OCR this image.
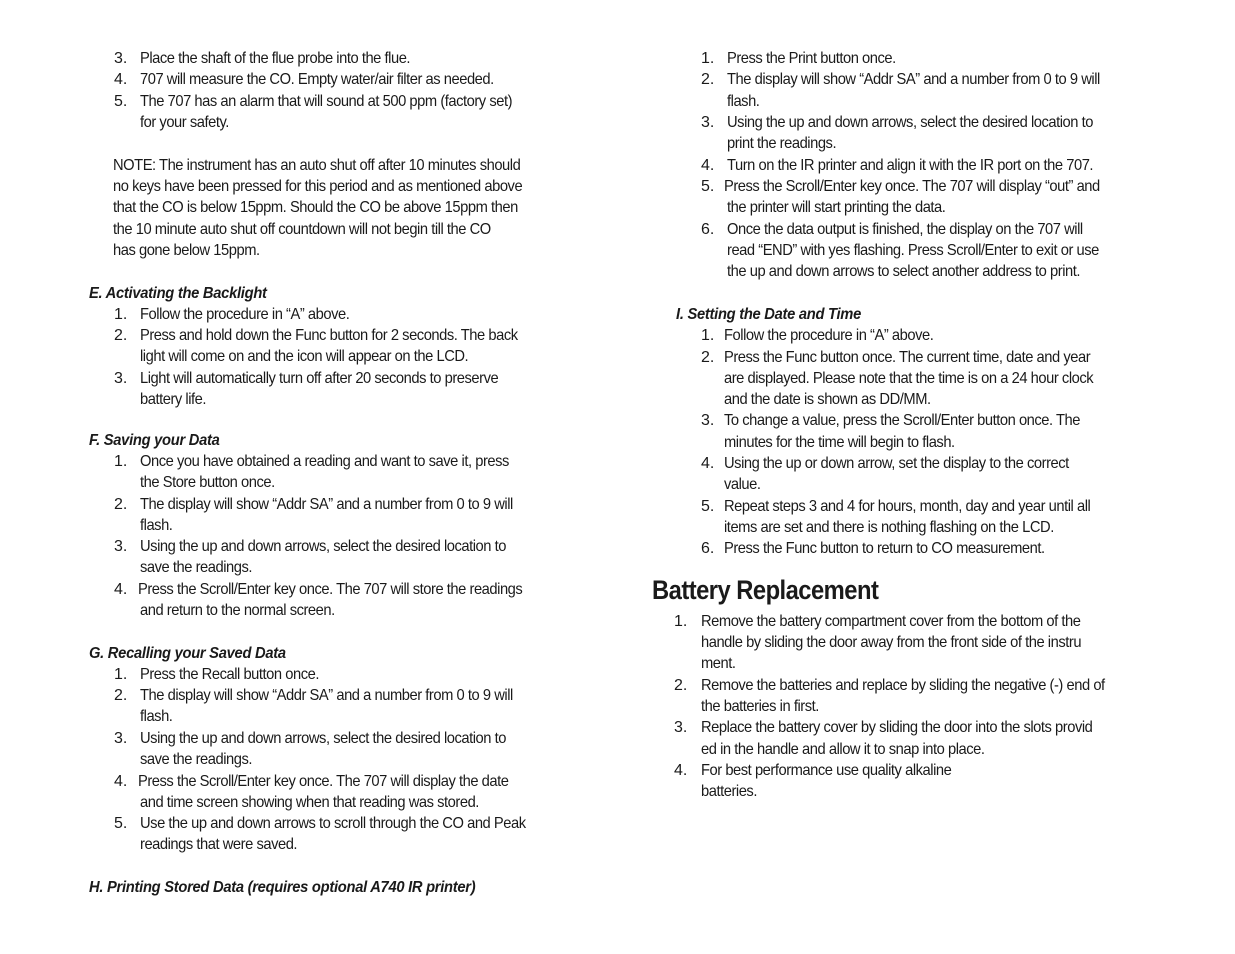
3. Place the shaft of the flue probe into the flue.
4. 707 will measure the CO. Empty water/air filter as needed.
5. The 707 has an alarm that will sound at 500 ppm (factory set)
for your safety.
NOTE: The instrument has an auto shut off after 10 minutes should
no keys have been pressed for this period and as mentioned above
that the CO is below 15ppm. Should the CO be above 15ppm then
the 10 minute auto shut off countdown will not begin till the CO
has gone below 15ppm.
E. Activating the Backlight
1. Follow the procedure in “A” above.
2. Press and hold down the Func button for 2 seconds. The back
light will come on and the icon will appear on the LCD.
3. Light will automatically turn off after 20 seconds to preserve
battery life.
F. Saving your Data
1. Once you have obtained a reading and want to save it, press
the Store button once.
2. The display will show “Addr SA” and a number from 0 to 9 will
flash.
3. Using the up and down arrows, select the desired location to
save the readings.
4. Press the Scroll/Enter key once. The 707 will store the readings
and return to the normal screen.
G. Recalling your Saved Data
1. Press the Recall button once.
2. The display will show “Addr SA” and a number from 0 to 9 will
flash.
3. Using the up and down arrows, select the desired location to
save the readings.
4. Press the Scroll/Enter key once. The 707 will display the date
and time screen showing when that reading was stored.
5. Use the up and down arrows to scroll through the CO and Peak
readings that were saved.
H. Printing Stored Data (requires optional A740 IR printer)
1. Press the Print button once.
2. The display will show “Addr SA” and a number from 0 to 9 will
flash.
3. Using the up and down arrows, select the desired location to
print the readings.
4. Turn on the IR printer and align it with the IR port on the 707.
5. Press the Scroll/Enter key once. The 707 will display “out” and
the printer will start printing the data.
6. Once the data output is finished, the display on the 707 will
read “END” with yes flashing. Press Scroll/Enter to exit or use
the up and down arrows to select another address to print.
I. Setting the Date and Time
1. Follow the procedure in “A” above.
2. Press the Func button once. The current time, date and year
are displayed. Please note that the time is on a 24 hour clock
and the date is shown as DD/MM.
3. To change a value, press the Scroll/Enter button once. The
minutes for the time will begin to flash.
4. Using the up or down arrow, set the display to the correct
value.
5. Repeat steps 3 and 4 for hours, month, day and year until all
items are set and there is nothing flashing on the LCD.
6. Press the Func button to return to CO measurement.
Battery Replacement
1. Remove the battery compartment cover from the bottom of the
handle by sliding the door away from the front side of the instru
ment.
2. Remove the batteries and replace by sliding the negative (-) end of
the batteries in first.
3. Replace the battery cover by sliding the door into the slots provid
ed in the handle and allow it to snap into place.
4. For best performance use quality alkaline
batteries.
